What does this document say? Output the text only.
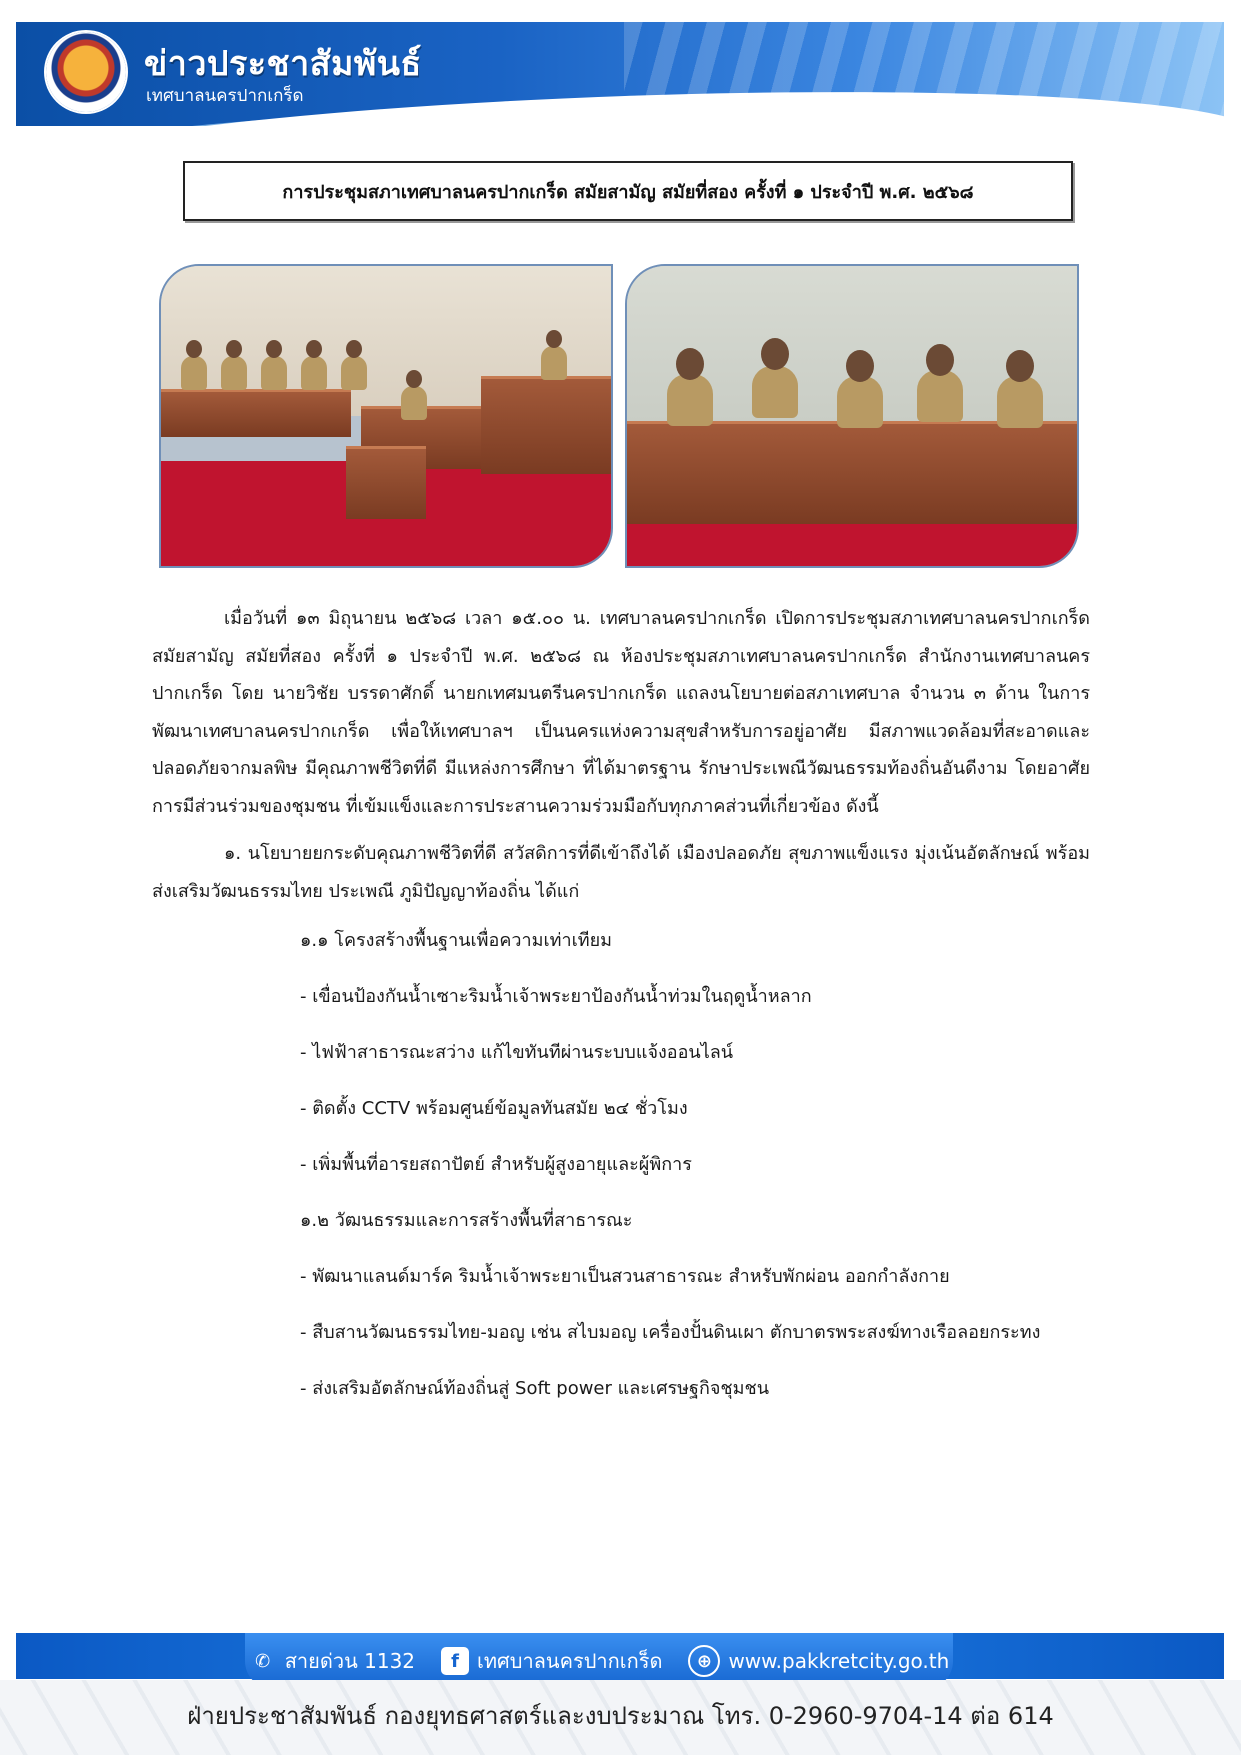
ข่าวประชาสัมพันธ์

เทศบาลนครปากเกร็ด

การประชุมสภาเทศบาลนครปากเกร็ด สมัยสามัญ สมัยที่สอง ครั้งที่ ๑ ประจำปี พ.ศ. ๒๕๖๘

เมื่อวันที่ ๑๓ มิถุนายน ๒๕๖๘ เวลา ๑๕.๐๐ น. เทศบาลนครปากเกร็ด เปิดการประชุมสภาเทศบาลนครปากเกร็ด สมัยสามัญ สมัยที่สอง ครั้งที่ ๑ ประจำปี พ.ศ. ๒๕๖๘ ณ ห้องประชุมสภาเทศบาลนครปากเกร็ด สำนักงานเทศบาลนครปากเกร็ด โดย นายวิชัย บรรดาศักดิ์ นายกเทศมนตรีนครปากเกร็ด แถลงนโยบายต่อสภาเทศบาล จำนวน ๓ ด้าน ในการพัฒนาเทศบาลนครปากเกร็ด เพื่อให้เทศบาลฯ เป็นนครแห่งความสุขสำหรับการอยู่อาศัย มีสภาพแวดล้อมที่สะอาดและปลอดภัยจากมลพิษ มีคุณภาพชีวิตที่ดี มีแหล่งการศึกษา ที่ได้มาตรฐาน รักษาประเพณีวัฒนธรรมท้องถิ่นอันดีงาม โดยอาศัยการมีส่วนร่วมของชุมชน ที่เข้มแข็งและการประสานความร่วมมือกับทุกภาคส่วนที่เกี่ยวข้อง ดังนี้

๑. นโยบายยกระดับคุณภาพชีวิตที่ดี สวัสดิการที่ดีเข้าถึงได้ เมืองปลอดภัย สุขภาพแข็งแรง มุ่งเน้นอัตลักษณ์ พร้อมส่งเสริมวัฒนธรรมไทย ประเพณี ภูมิปัญญาท้องถิ่น ได้แก่

๑.๑ โครงสร้างพื้นฐานเพื่อความเท่าเทียม
- เขื่อนป้องกันน้ำเซาะริมน้ำเจ้าพระยาป้องกันน้ำท่วมในฤดูน้ำหลาก
- ไฟฟ้าสาธารณะสว่าง แก้ไขทันทีผ่านระบบแจ้งออนไลน์
- ติดตั้ง CCTV พร้อมศูนย์ข้อมูลทันสมัย ๒๔ ชั่วโมง
- เพิ่มพื้นที่อารยสถาปัตย์ สำหรับผู้สูงอายุและผู้พิการ
๑.๒ วัฒนธรรมและการสร้างพื้นที่สาธารณะ
- พัฒนาแลนด์มาร์ค ริมน้ำเจ้าพระยาเป็นสวนสาธารณะ สำหรับพักผ่อน ออกกำลังกาย
- สืบสานวัฒนธรรมไทย-มอญ เช่น สไบมอญ เครื่องปั้นดินเผา ตักบาตรพระสงฆ์ทางเรือลอยกระทง
- ส่งเสริมอัตลักษณ์ท้องถิ่นสู่ Soft power และเศรษฐกิจชุมชน
✆ สายด่วน 1132	f เทศบาลนครปากเกร็ด	⊕ www.pakkretcity.go.th

ฝ่ายประชาสัมพันธ์ กองยุทธศาสตร์และงบประมาณ โทร. 0-2960-9704-14 ต่อ 614
